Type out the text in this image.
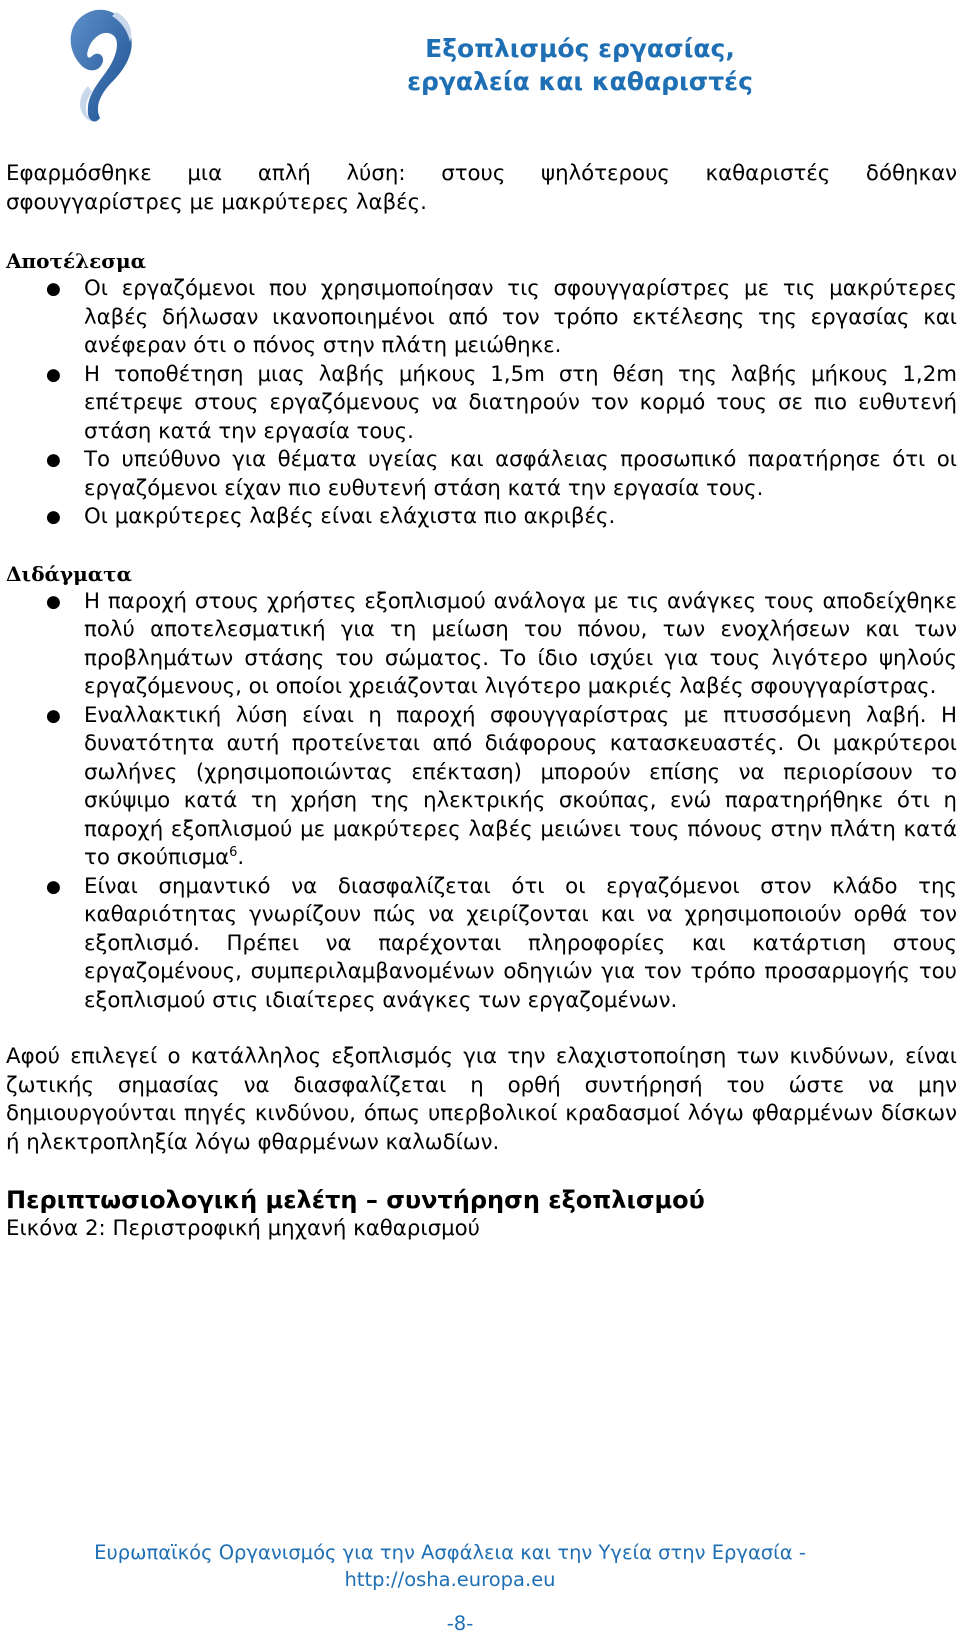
Εξοπλισμός εργασίας,
εργαλεία και καθαριστές

Εφαρμόσθηκε μια απλή λύση: στους ψηλότερους καθαριστές δόθηκαν
σφουγγαρίστρες με μακρύτερες λαβές.

Αποτέλεσμα

● Οι εργαζόμενοι που χρησιμοποίησαν τις σφουγγαρίστρες με τις μακρύτερες λαβές δήλωσαν ικανοποιημένοι από τον τρόπο εκτέλεσης της εργασίας και ανέφεραν ότι ο πόνος στην πλάτη μειώθηκε.
● Η τοποθέτηση μιας λαβής μήκους 1,5m στη θέση της λαβής μήκους 1,2m επέτρεψε στους εργαζόμενους να διατηρούν τον κορμό τους σε πιο ευθυτενή στάση κατά την εργασία τους.
● Το υπεύθυνο για θέματα υγείας και ασφάλειας προσωπικό παρατήρησε ότι οι εργαζόμενοι είχαν πιο ευθυτενή στάση κατά την εργασία τους.
● Οι μακρύτερες λαβές είναι ελάχιστα πιο ακριβές.

Διδάγματα

● Η παροχή στους χρήστες εξοπλισμού ανάλογα με τις ανάγκες τους αποδείχθηκε πολύ αποτελεσματική για τη μείωση του πόνου, των ενοχλήσεων και των προβλημάτων στάσης του σώματος. Το ίδιο ισχύει για τους λιγότερο ψηλούς εργαζόμενους, οι οποίοι χρειάζονται λιγότερο μακριές λαβές σφουγγαρίστρας.
● Εναλλακτική λύση είναι η παροχή σφουγγαρίστρας με πτυσσόμενη λαβή. Η δυνατότητα αυτή προτείνεται από διάφορους κατασκευαστές. Οι μακρύτεροι σωλήνες (χρησιμοποιώντας επέκταση) μπορούν επίσης να περιορίσουν το σκύψιμο κατά τη χρήση της ηλεκτρικής σκούπας, ενώ παρατηρήθηκε ότι η παροχή εξοπλισμού με μακρύτερες λαβές μειώνει τους πόνους στην πλάτη κατά το σκούπισμα$^6$.
● Είναι σημαντικό να διασφαλίζεται ότι οι εργαζόμενοι στον κλάδο της καθαριότητας γνωρίζουν πώς να χειρίζονται και να χρησιμοποιούν ορθά τον εξοπλισμό. Πρέπει να παρέχονται πληροφορίες και κατάρτιση στους εργαζομένους, συμπεριλαμβανομένων οδηγιών για τον τρόπο προσαρμογής του εξοπλισμού στις ιδιαίτερες ανάγκες των εργαζομένων.

Αφού επιλεγεί ο κατάλληλος εξοπλισμός για την ελαχιστοποίηση των κινδύνων, είναι ζωτικής σημασίας να διασφαλίζεται η ορθή συντήρησή του ώστε να μην δημιουργούνται πηγές κινδύνου, όπως υπερβολικοί κραδασμοί λόγω φθαρμένων δίσκων ή ηλεκτροπληξία λόγω φθαρμένων καλωδίων.

Περιπτωσιολογική μελέτη – συντήρηση εξοπλισμού

Εικόνα 2: Περιστροφική μηχανή καθαρισμού

Ευρωπαϊκός Οργανισμός για την Ασφάλεια και την Υγεία στην Εργασία -
http://osha.europa.eu
-8-
